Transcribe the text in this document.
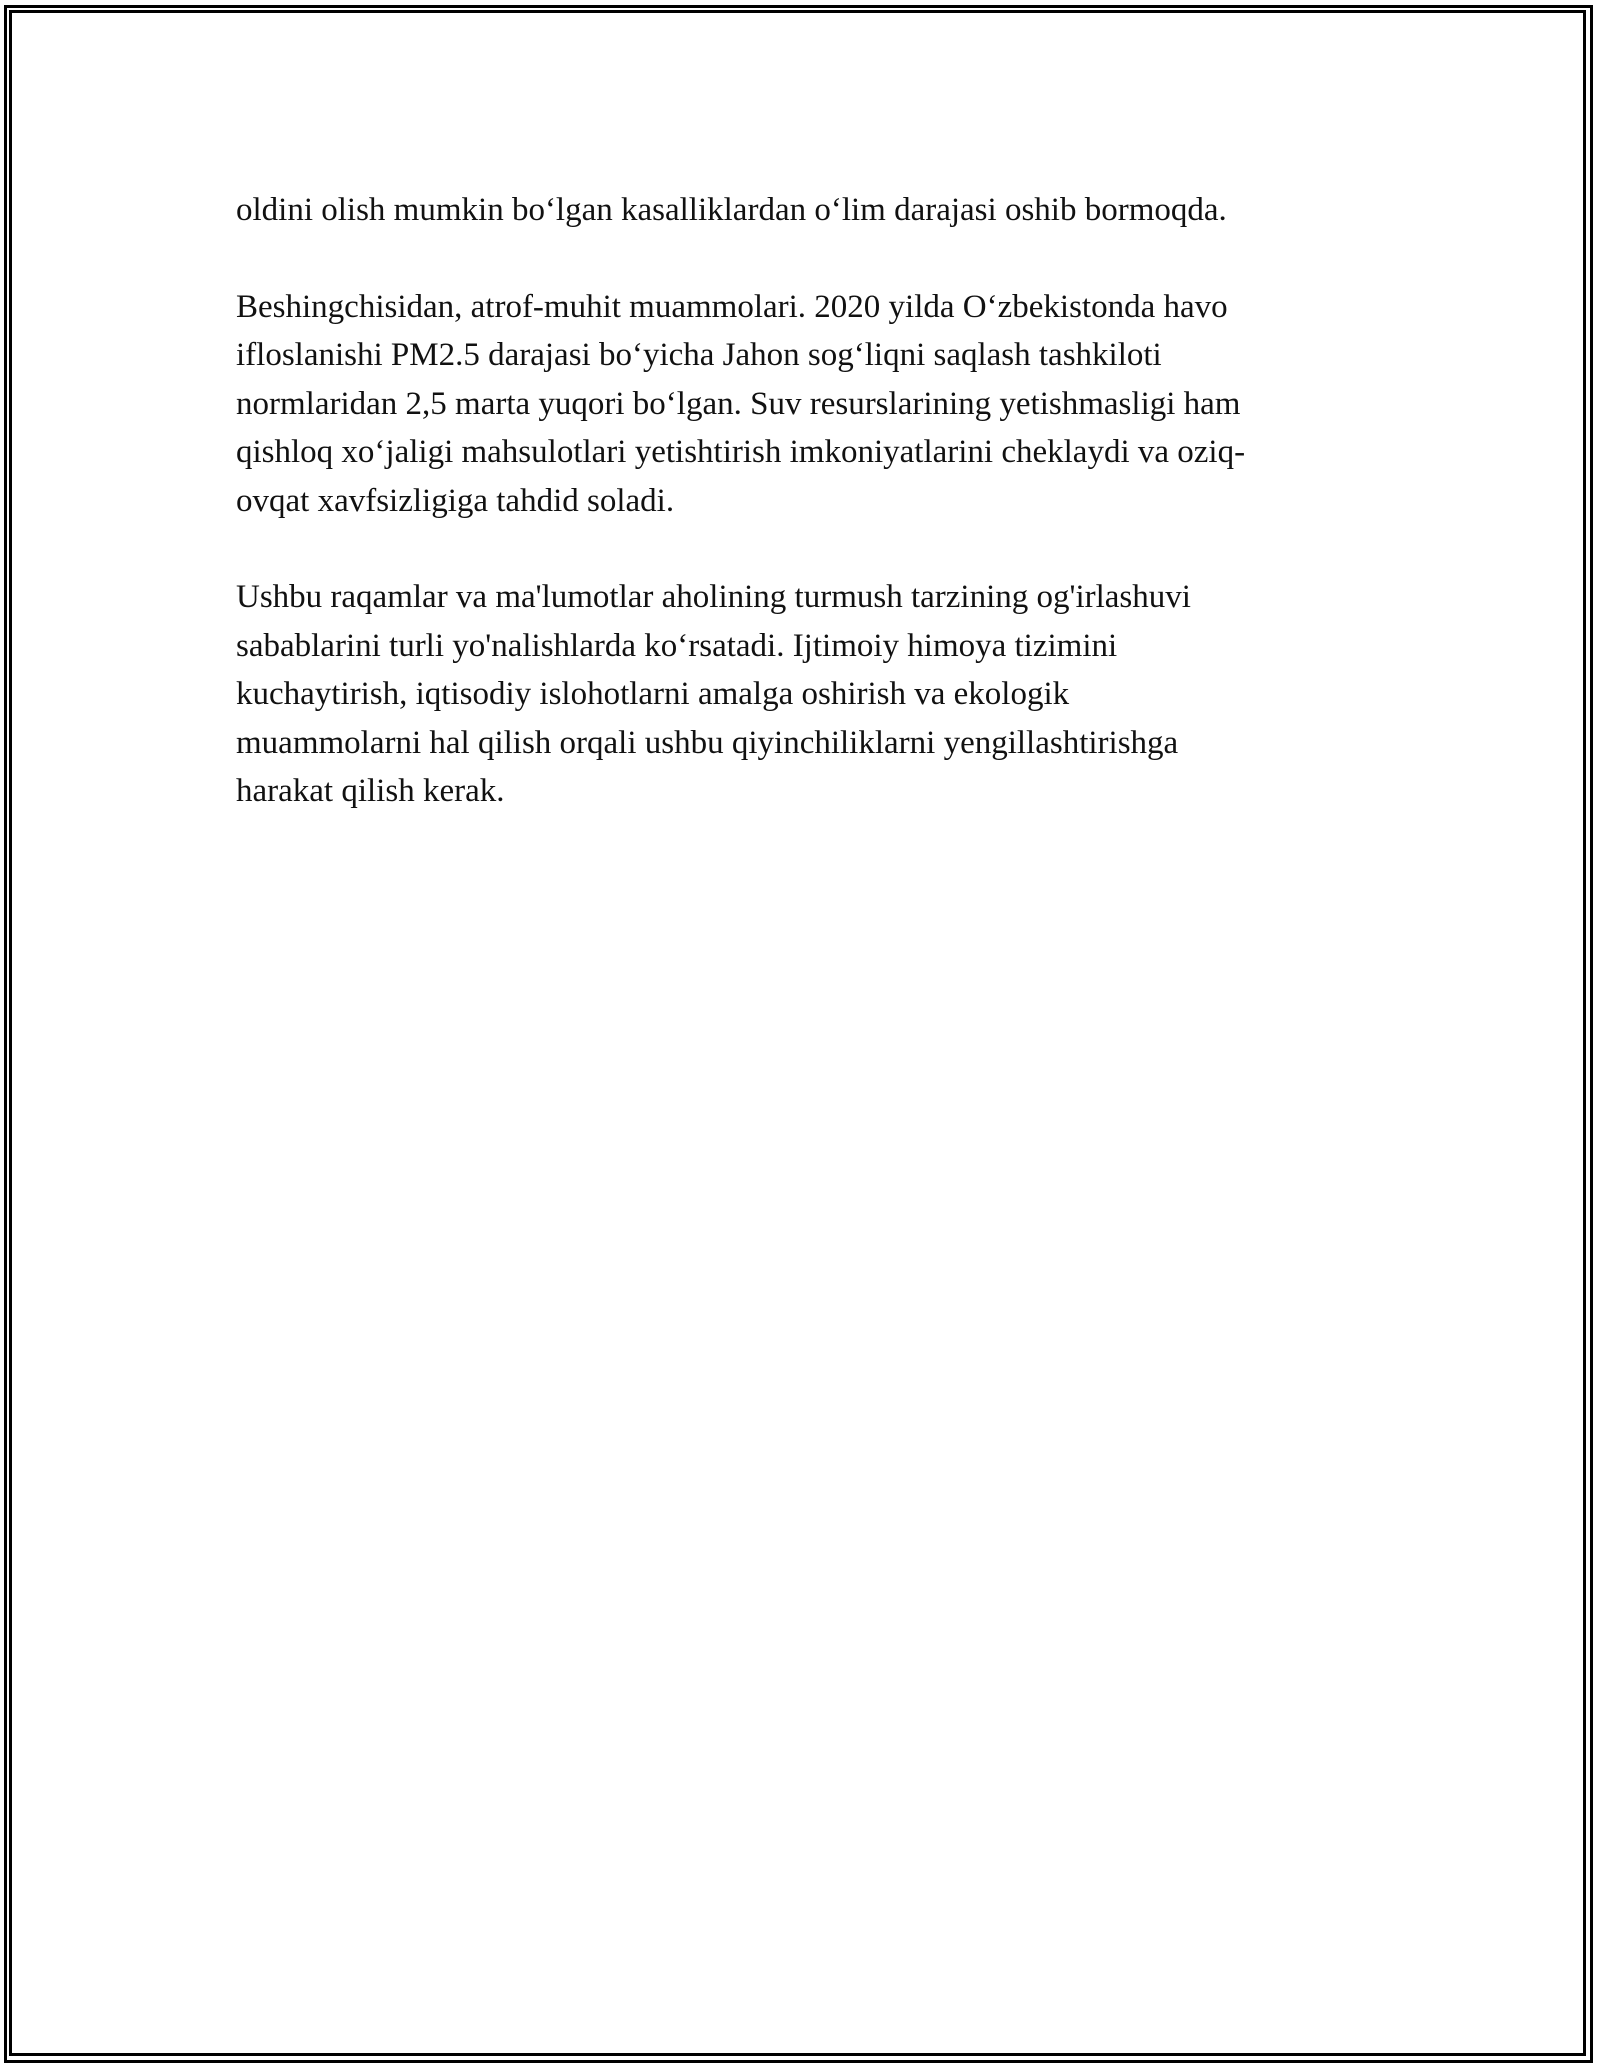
oldini olish mumkin bo‘lgan kasalliklardan o‘lim darajasi oshib bormoqda.

Beshingchisidan, atrof-muhit muammolari. 2020 yilda O‘zbekistonda havo
ifloslanishi PM2.5 darajasi bo‘yicha Jahon sog‘liqni saqlash tashkiloti
normlaridan 2,5 marta yuqori bo‘lgan. Suv resurslarining yetishmasligi ham
qishloq xo‘jaligi mahsulotlari yetishtirish imkoniyatlarini cheklaydi va oziq-
ovqat xavfsizligiga tahdid soladi.

Ushbu raqamlar va ma'lumotlar aholining turmush tarzining og'irlashuvi
sabablarini turli yo'nalishlarda ko‘rsatadi. Ijtimoiy himoya tizimini
kuchaytirish, iqtisodiy islohotlarni amalga oshirish va ekologik
muammolarni hal qilish orqali ushbu qiyinchiliklarni yengillashtirishga
harakat qilish kerak.
